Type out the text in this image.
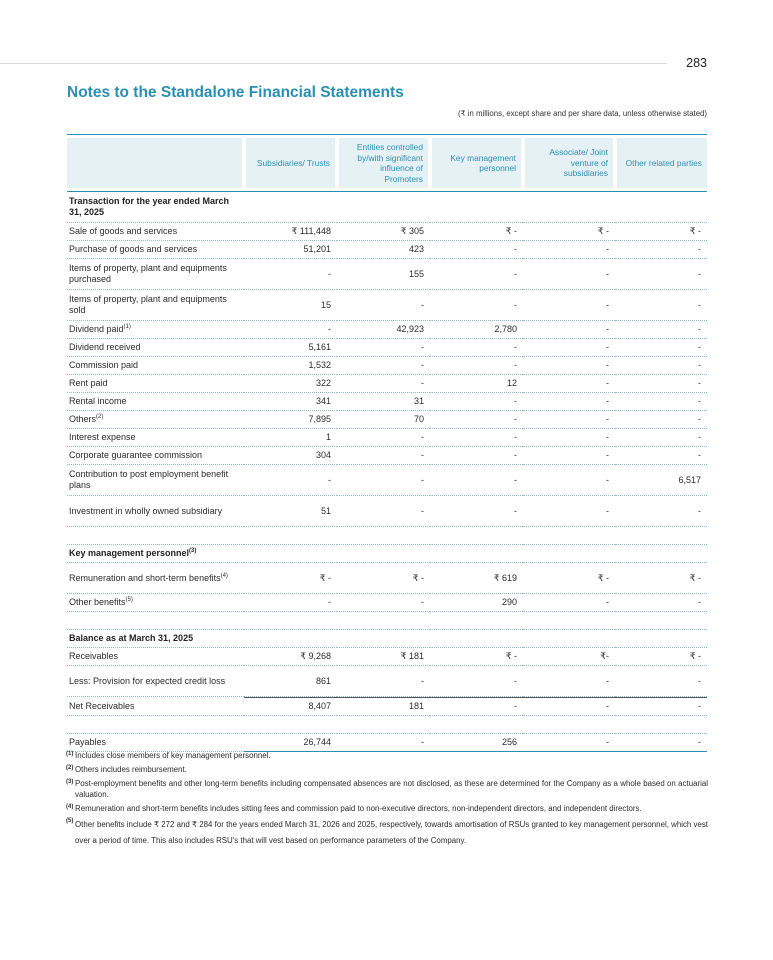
283
Notes to the Standalone Financial Statements
(₹ in millions, except share and per share data, unless otherwise stated)

Subsidiaries/ Trusts	Entities controlled by/with significant influence of Promoters	Key management personnel	Associate/ Joint venture of subsidiaries	Other related parties

Transaction for the year ended March 31, 2025					
Sale of goods and services	₹ 111,448	₹ 305	₹ -	₹ -	₹ -
Purchase of goods and services	51,201	423	-	-	-
Items of property, plant and equipments purchased	-	155	-	-	-
Items of property, plant and equipments sold	15	-	-	-	-
Dividend paid$^{(1)}$	-	42,923	2,780	-	-
Dividend received	5,161	-	-	-	-
Commission paid	1,532	-	-	-	-
Rent paid	322	-	12	-	-
Rental income	341	31	-	-	-
Others$^{(2)}$	7,895	70	-	-	-
Interest expense	1	-	-	-	-
Corporate guarantee commission	304	-	-	-	-
Contribution to post employment benefit plans	-	-	-	-	6,517
Investment in wholly owned subsidiary	51	-	-	-	-

Key management personnel$^{(3)}$					
Remuneration and short-term benefits$^{(4)}$	₹ -	₹ -	₹ 619	₹ -	₹ -
Other benefits$^{(5)}$	-	-	290	-	-

Balance as at March 31, 2025					
Receivables	₹ 9,268	₹ 181	₹ -	₹-	₹ -
Less: Provision for expected credit loss	861	-	-	-	-
Net Receivables	8,407	181	-	-	-

Payables	26,744	-	256	-	-
(1) Includes close members of key management personnel.
(2) Others includes reimbursement.
(3) Post-employment benefits and other long-term benefits including compensated absences are not disclosed, as these are determined for the Company as a whole based on actuarial valuation.
(4) Remuneration and short-term benefits includes sitting fees and commission paid to non-executive directors, non-independent directors, and independent directors.
(5) Other benefits include ₹ 272 and ₹ 284 for the years ended March 31, 2026 and 2025, respectively, towards amortisation of RSUs granted to key management personnel, which vest over a period of time. This also includes RSU's that will vest based on performance parameters of the Company.
